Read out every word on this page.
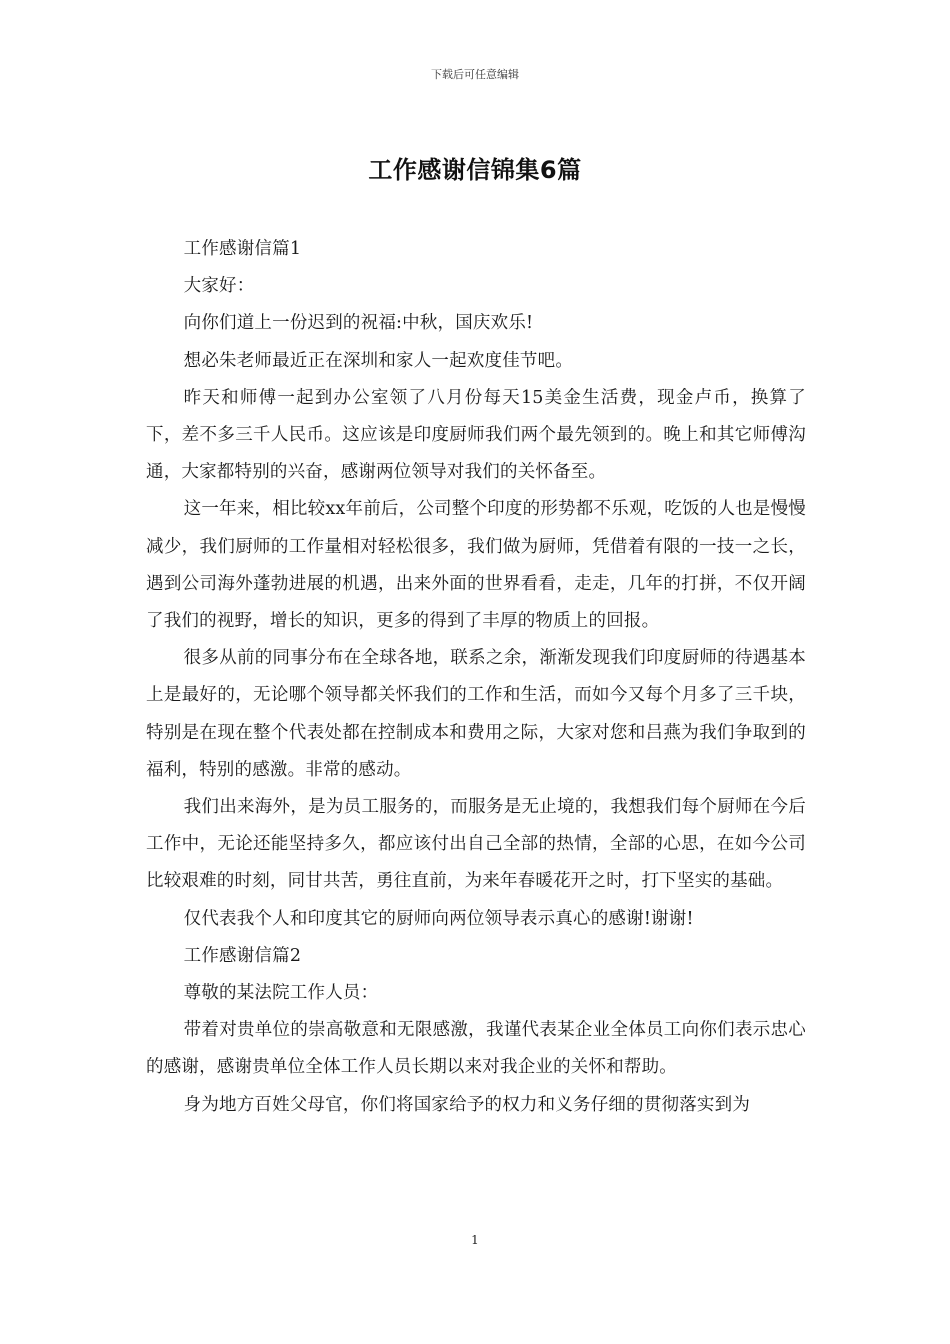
下载后可任意编辑
工作感谢信锦集6篇

工作感谢信篇1

大家好：

向你们道上一份迟到的祝福:中秋，国庆欢乐!

想必朱老师最近正在深圳和家人一起欢度佳节吧。

昨天和师傅一起到办公室领了八月份每天15美金生活费，现金卢币，换算了下，差不多三千人民币。这应该是印度厨师我们两个最先领到的。晚上和其它师傅沟通，大家都特别的兴奋，感谢两位领导对我们的关怀备至。

这一年来，相比较xx年前后，公司整个印度的形势都不乐观，吃饭的人也是慢慢减少，我们厨师的工作量相对轻松很多，我们做为厨师，凭借着有限的一技一之长，遇到公司海外蓬勃进展的机遇，出来外面的世界看看，走走，几年的打拼，不仅开阔了我们的视野，增长的知识，更多的得到了丰厚的物质上的回报。

很多从前的同事分布在全球各地，联系之余，渐渐发现我们印度厨师的待遇基本上是最好的，无论哪个领导都关怀我们的工作和生活，而如今又每个月多了三千块，特别是在现在整个代表处都在控制成本和费用之际，大家对您和吕燕为我们争取到的福利，特别的感激。非常的感动。

我们出来海外，是为员工服务的，而服务是无止境的，我想我们每个厨师在今后工作中，无论还能坚持多久，都应该付出自己全部的热情，全部的心思，在如今公司比较艰难的时刻，同甘共苦，勇往直前，为来年春暖花开之时，打下坚实的基础。

仅代表我个人和印度其它的厨师向两位领导表示真心的感谢!谢谢!

工作感谢信篇2

尊敬的某法院工作人员：

带着对贵单位的崇高敬意和无限感激，我谨代表某企业全体员工向你们表示忠心的感谢，感谢贵单位全体工作人员长期以来对我企业的关怀和帮助。

身为地方百姓父母官，你们将国家给予的权力和义务仔细的贯彻落实到为

1
